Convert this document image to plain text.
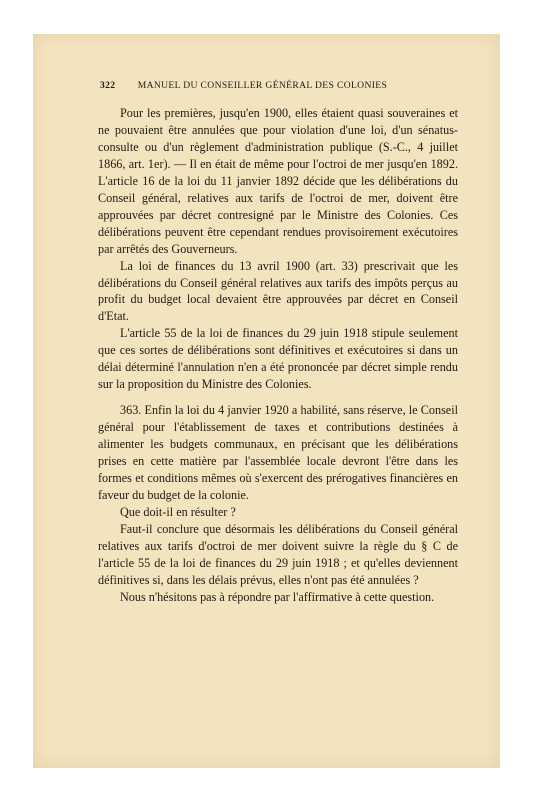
322 MANUEL DU CONSEILLER GÉNÉRAL DES COLONIES

Pour les premières, jusqu'en 1900, elles étaient quasi souveraines et ne pouvaient être annulées que pour violation d'une loi, d'un sénatus-consulte ou d'un règlement d'administration publique (S.-C., 4 juillet 1866, art. 1er). — Il en était de même pour l'octroi de mer jusqu'en 1892. L'article 16 de la loi du 11 janvier 1892 décide que les délibérations du Conseil général, relatives aux tarifs de l'octroi de mer, doivent être approuvées par décret contresigné par le Ministre des Colonies. Ces délibérations peuvent être cependant rendues provisoirement exécutoires par arrêtés des Gouverneurs.

La loi de finances du 13 avril 1900 (art. 33) prescrivait que les délibérations du Conseil général relatives aux tarifs des impôts perçus au profit du budget local devaient être approuvées par décret en Conseil d'Etat.

L'article 55 de la loi de finances du 29 juin 1918 stipule seulement que ces sortes de délibérations sont définitives et exécutoires si dans un délai déterminé l'annulation n'en a été prononcée par décret simple rendu sur la proposition du Ministre des Colonies.

363. Enfin la loi du 4 janvier 1920 a habilité, sans réserve, le Conseil général pour l'établissement de taxes et contributions destinées à alimenter les budgets communaux, en précisant que les délibérations prises en cette matière par l'assemblée locale devront l'être dans les formes et conditions mêmes où s'exercent des prérogatives financières en faveur du budget de la colonie.

Que doit-il en résulter ?

Faut-il conclure que désormais les délibérations du Conseil général relatives aux tarifs d'octroi de mer doivent suivre la règle du § C de l'article 55 de la loi de finances du 29 juin 1918 ; et qu'elles deviennent définitives si, dans les délais prévus, elles n'ont pas été annulées ?

Nous n'hésitons pas à répondre par l'affirmative à cette question.
